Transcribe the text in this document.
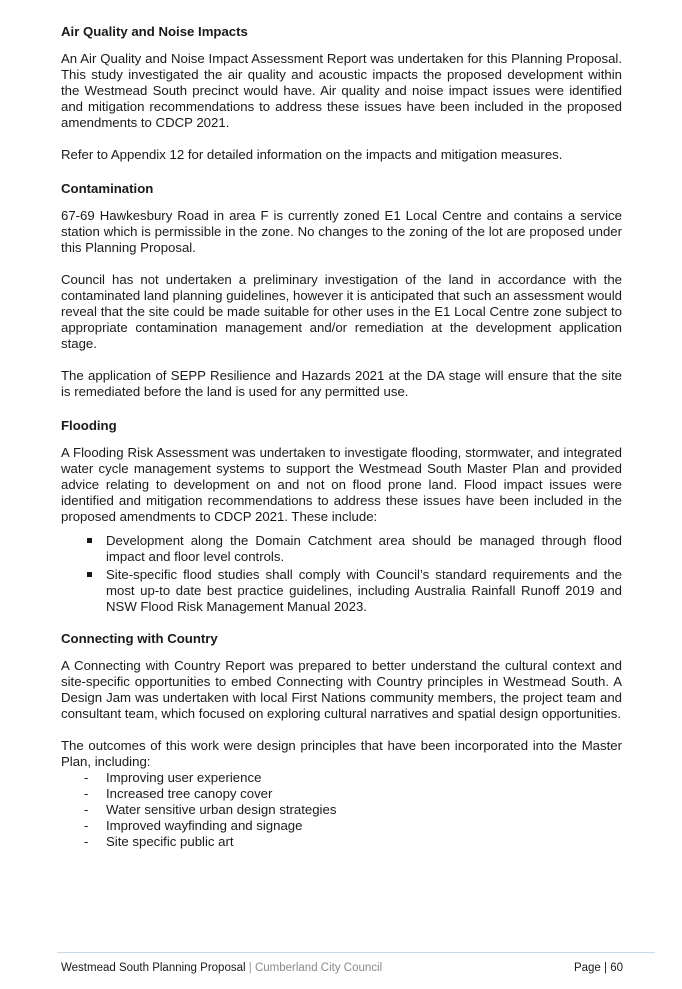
Air Quality and Noise Impacts

An Air Quality and Noise Impact Assessment Report was undertaken for this Planning Proposal. This study investigated the air quality and acoustic impacts the proposed development within the Westmead South precinct would have. Air quality and noise impact issues were identified and mitigation recommendations to address these issues have been included in the proposed amendments to CDCP 2021.

Refer to Appendix 12 for detailed information on the impacts and mitigation measures.

Contamination

67-69 Hawkesbury Road in area F is currently zoned E1 Local Centre and contains a service station which is permissible in the zone. No changes to the zoning of the lot are proposed under this Planning Proposal.

Council has not undertaken a preliminary investigation of the land in accordance with the contaminated land planning guidelines, however it is anticipated that such an assessment would reveal that the site could be made suitable for other uses in the E1 Local Centre zone subject to appropriate contamination management and/or remediation at the development application stage.

The application of SEPP Resilience and Hazards 2021 at the DA stage will ensure that the site is remediated before the land is used for any permitted use.

Flooding

A Flooding Risk Assessment was undertaken to investigate flooding, stormwater, and integrated water cycle management systems to support the Westmead South Master Plan and provided advice relating to development on and not on flood prone land. Flood impact issues were identified and mitigation recommendations to address these issues have been included in the proposed amendments to CDCP 2021. These include:

Development along the Domain Catchment area should be managed through flood impact and floor level controls.
Site-specific flood studies shall comply with Council’s standard requirements and the most up-to date best practice guidelines, including Australia Rainfall Runoff 2019 and NSW Flood Risk Management Manual 2023.
Connecting with Country

A Connecting with Country Report was prepared to better understand the cultural context and site-specific opportunities to embed Connecting with Country principles in Westmead South. A Design Jam was undertaken with local First Nations community members, the project team and consultant team, which focused on exploring cultural narratives and spatial design opportunities.

The outcomes of this work were design principles that have been incorporated into the Master Plan, including:

- Improving user experience
- Increased tree canopy cover
- Water sensitive urban design strategies
- Improved wayfinding and signage
- Site specific public art
Westmead South Planning Proposal | Cumberland City Council	Page | 60
